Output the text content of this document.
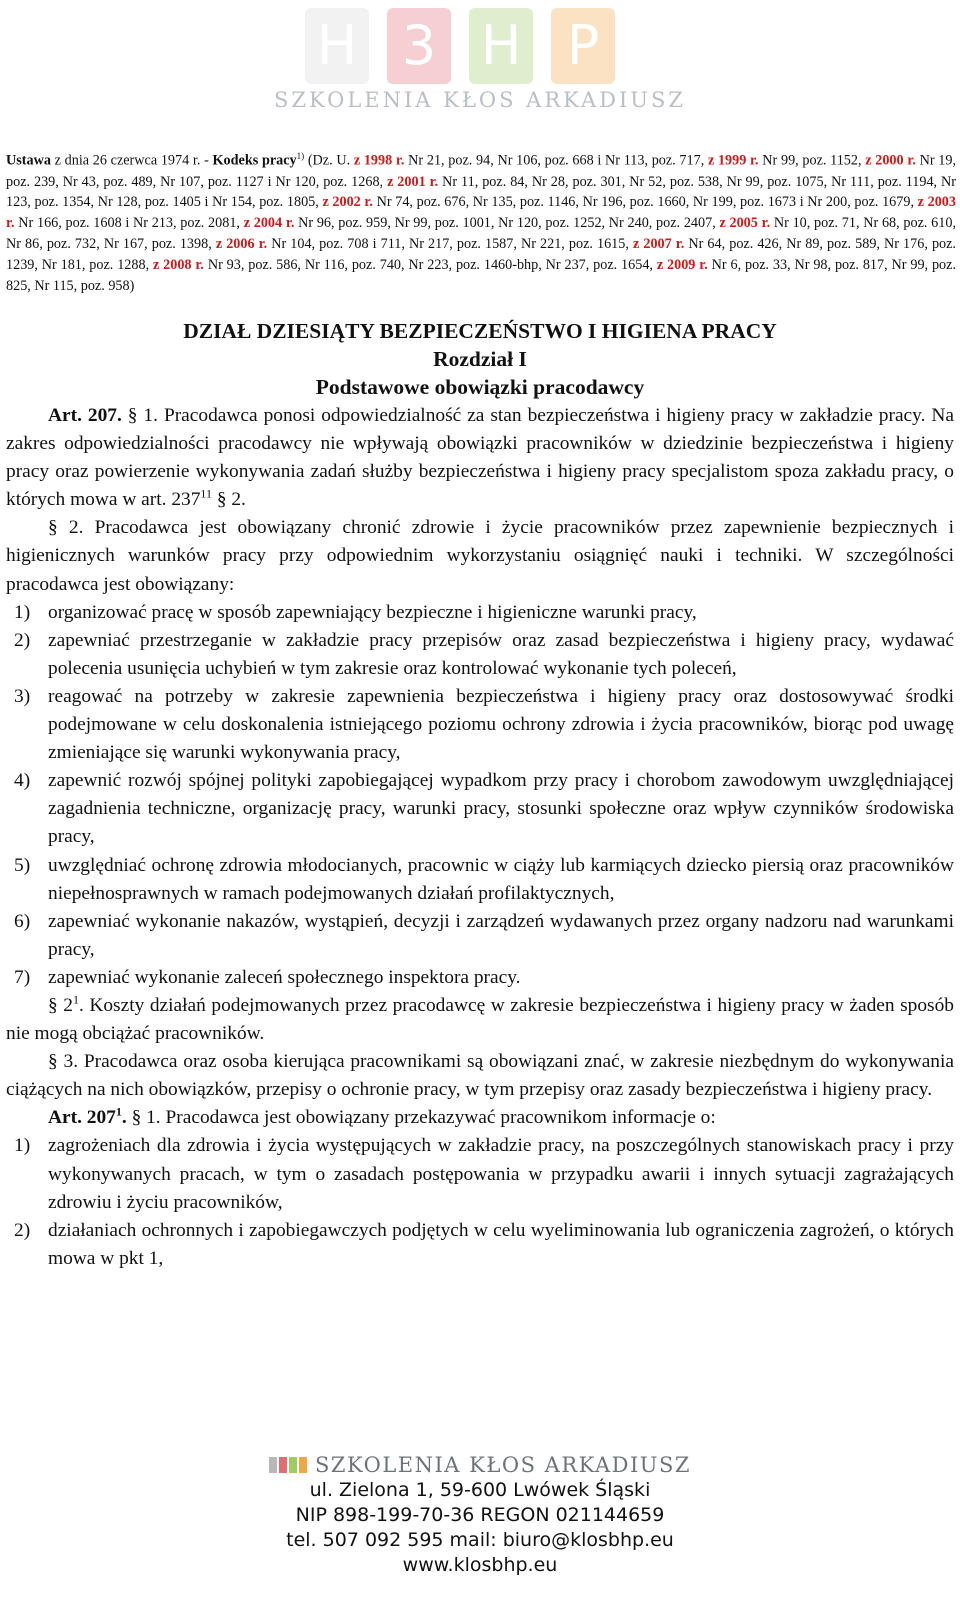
H 3 H P
SZKOLENIA KŁOS ARKADIUSZ
Ustawa z dnia 26 czerwca 1974 r. - Kodeks pracy$^{1)}$ (Dz. U. z 1998 r. Nr 21, poz. 94, Nr 106, poz. 668 i Nr 113, poz. 717, z 1999 r. Nr 99, poz. 1152, z 2000 r. Nr 19, poz. 239, Nr 43, poz. 489, Nr 107, poz. 1127 i Nr 120, poz. 1268, z 2001 r. Nr 11, poz. 84, Nr 28, poz. 301, Nr 52, poz. 538, Nr 99, poz. 1075, Nr 111, poz. 1194, Nr 123, poz. 1354, Nr 128, poz. 1405 i Nr 154, poz. 1805, z 2002 r. Nr 74, poz. 676, Nr 135, poz. 1146, Nr 196, poz. 1660, Nr 199, poz. 1673 i Nr 200, poz. 1679, z 2003 r. Nr 166, poz. 1608 i Nr 213, poz. 2081, z 2004 r. Nr 96, poz. 959, Nr 99, poz. 1001, Nr 120, poz. 1252, Nr 240, poz. 2407, z 2005 r. Nr 10, poz. 71, Nr 68, poz. 610, Nr 86, poz. 732, Nr 167, poz. 1398, z 2006 r. Nr 104, poz. 708 i 711, Nr 217, poz. 1587, Nr 221, poz. 1615, z 2007 r. Nr 64, poz. 426, Nr 89, poz. 589, Nr 176, poz. 1239, Nr 181, poz. 1288, z 2008 r. Nr 93, poz. 586, Nr 116, poz. 740, Nr 223, poz. 1460-bhp, Nr 237, poz. 1654, z 2009 r. Nr 6, poz. 33, Nr 98, poz. 817, Nr 99, poz. 825, Nr 115, poz. 958)
DZIAŁ DZIESIĄTY BEZPIECZEŃSTWO I HIGIENA PRACY
Rozdział I
Podstawowe obowiązki pracodawcy

Art. 207. § 1. Pracodawca ponosi odpowiedzialność za stan bezpieczeństwa i higieny pracy w zakładzie pracy. Na zakres odpowiedzialności pracodawcy nie wpływają obowiązki pracowników w dziedzinie bezpieczeństwa i higieny pracy oraz powierzenie wykonywania zadań służby bezpieczeństwa i higieny pracy specjalistom spoza zakładu pracy, o których mowa w art. $237^{11}$ § 2.

§ 2. Pracodawca jest obowiązany chronić zdrowie i życie pracowników przez zapewnienie bezpiecznych i higienicznych warunków pracy przy odpowiednim wykorzystaniu osiągnięć nauki i techniki. W szczególności pracodawca jest obowiązany:

1) organizować pracę w sposób zapewniający bezpieczne i higieniczne warunki pracy,
2) zapewniać przestrzeganie w zakładzie pracy przepisów oraz zasad bezpieczeństwa i higieny pracy, wydawać polecenia usunięcia uchybień w tym zakresie oraz kontrolować wykonanie tych poleceń,
3) reagować na potrzeby w zakresie zapewnienia bezpieczeństwa i higieny pracy oraz dostosowywać środki podejmowane w celu doskonalenia istniejącego poziomu ochrony zdrowia i życia pracowników, biorąc pod uwagę zmieniające się warunki wykonywania pracy,
4) zapewnić rozwój spójnej polityki zapobiegającej wypadkom przy pracy i chorobom zawodowym uwzględniającej zagadnienia techniczne, organizację pracy, warunki pracy, stosunki społeczne oraz wpływ czynników środowiska pracy,
5) uwzględniać ochronę zdrowia młodocianych, pracownic w ciąży lub karmiących dziecko piersią oraz pracowników niepełnosprawnych w ramach podejmowanych działań profilaktycznych,
6) zapewniać wykonanie nakazów, wystąpień, decyzji i zarządzeń wydawanych przez organy nadzoru nad warunkami pracy,
7) zapewniać wykonanie zaleceń społecznego inspektora pracy.

§ $2^1$. Koszty działań podejmowanych przez pracodawcę w zakresie bezpieczeństwa i higieny pracy w żaden sposób nie mogą obciążać pracowników.

§ 3. Pracodawca oraz osoba kierująca pracownikami są obowiązani znać, w zakresie niezbędnym do wykonywania ciążących na nich obowiązków, przepisy o ochronie pracy, w tym przepisy oraz zasady bezpieczeństwa i higieny pracy.

Art. $207^1$. § 1. Pracodawca jest obowiązany przekazywać pracownikom informacje o:

1) zagrożeniach dla zdrowia i życia występujących w zakładzie pracy, na poszczególnych stanowiskach pracy i przy wykonywanych pracach, w tym o zasadach postępowania w przypadku awarii i innych sytuacji zagrażających zdrowiu i życiu pracowników,
2) działaniach ochronnych i zapobiegawczych podjętych w celu wyeliminowania lub ograniczenia zagrożeń, o których mowa w pkt 1,
SZKOLENIA KŁOS ARKADIUSZ
ul. Zielona 1, 59-600 Lwówek Śląski
NIP 898-199-70-36 REGON 021144659
tel. 507 092 595 mail: biuro@klosbhp.eu
www.klosbhp.eu
